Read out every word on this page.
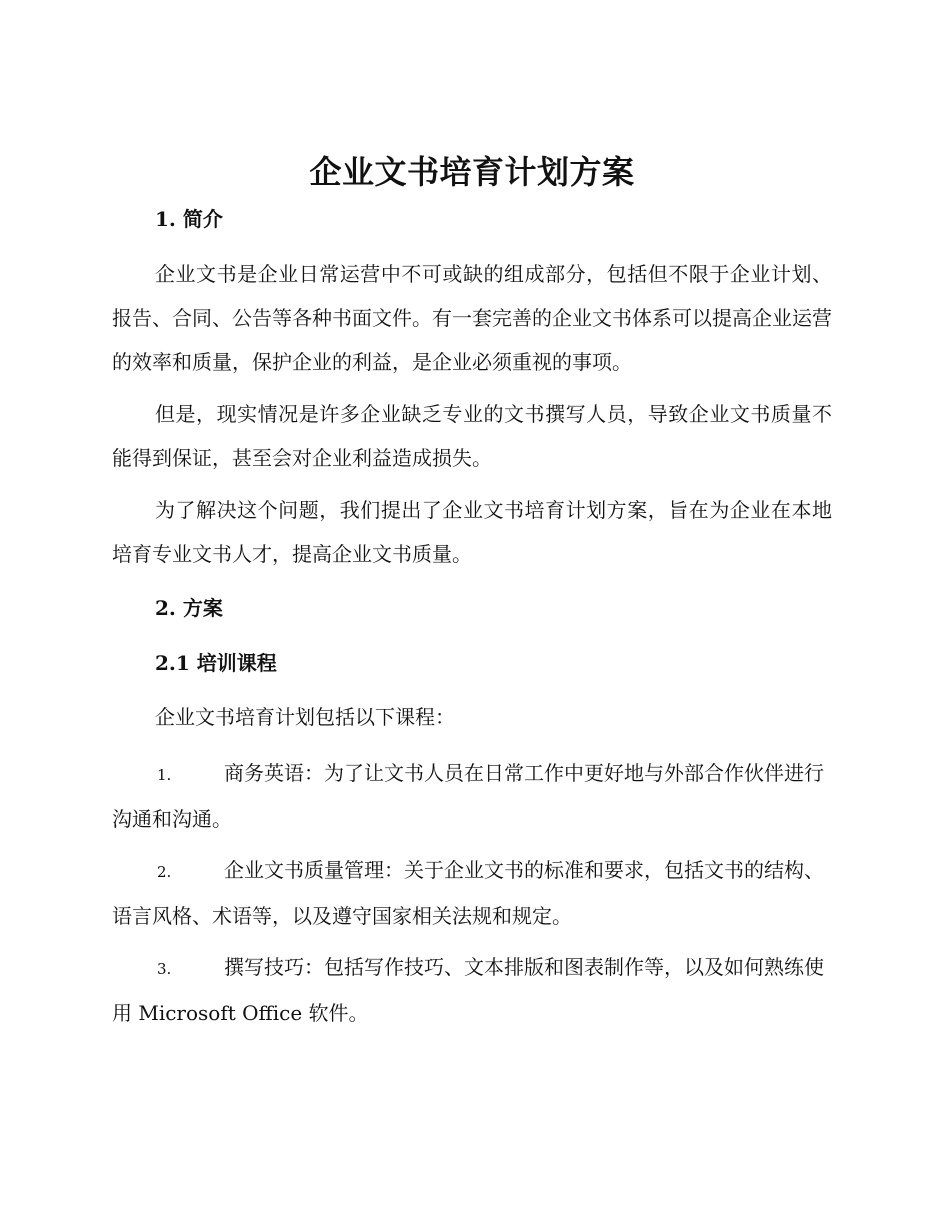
企业文书培育计划方案
1. 简介
企业文书是企业日常运营中不可或缺的组成部分，包括但不限于企业计划、报告、合同、公告等各种书面文件。有一套完善的企业文书体系可以提高企业运营的效率和质量，保护企业的利益，是企业必须重视的事项。
但是，现实情况是许多企业缺乏专业的文书撰写人员，导致企业文书质量不能得到保证，甚至会对企业利益造成损失。
为了解决这个问题，我们提出了企业文书培育计划方案，旨在为企业在本地培育专业文书人才，提高企业文书质量。
2. 方案
2.1 培训课程
企业文书培育计划包括以下课程：
1.	商务英语：为了让文书人员在日常工作中更好地与外部合作伙伴进行沟通和沟通。
2.	企业文书质量管理：关于企业文书的标准和要求，包括文书的结构、语言风格、术语等，以及遵守国家相关法规和规定。
3.	撰写技巧：包括写作技巧、文本排版和图表制作等，以及如何熟练使用 Microsoft Office 软件。
